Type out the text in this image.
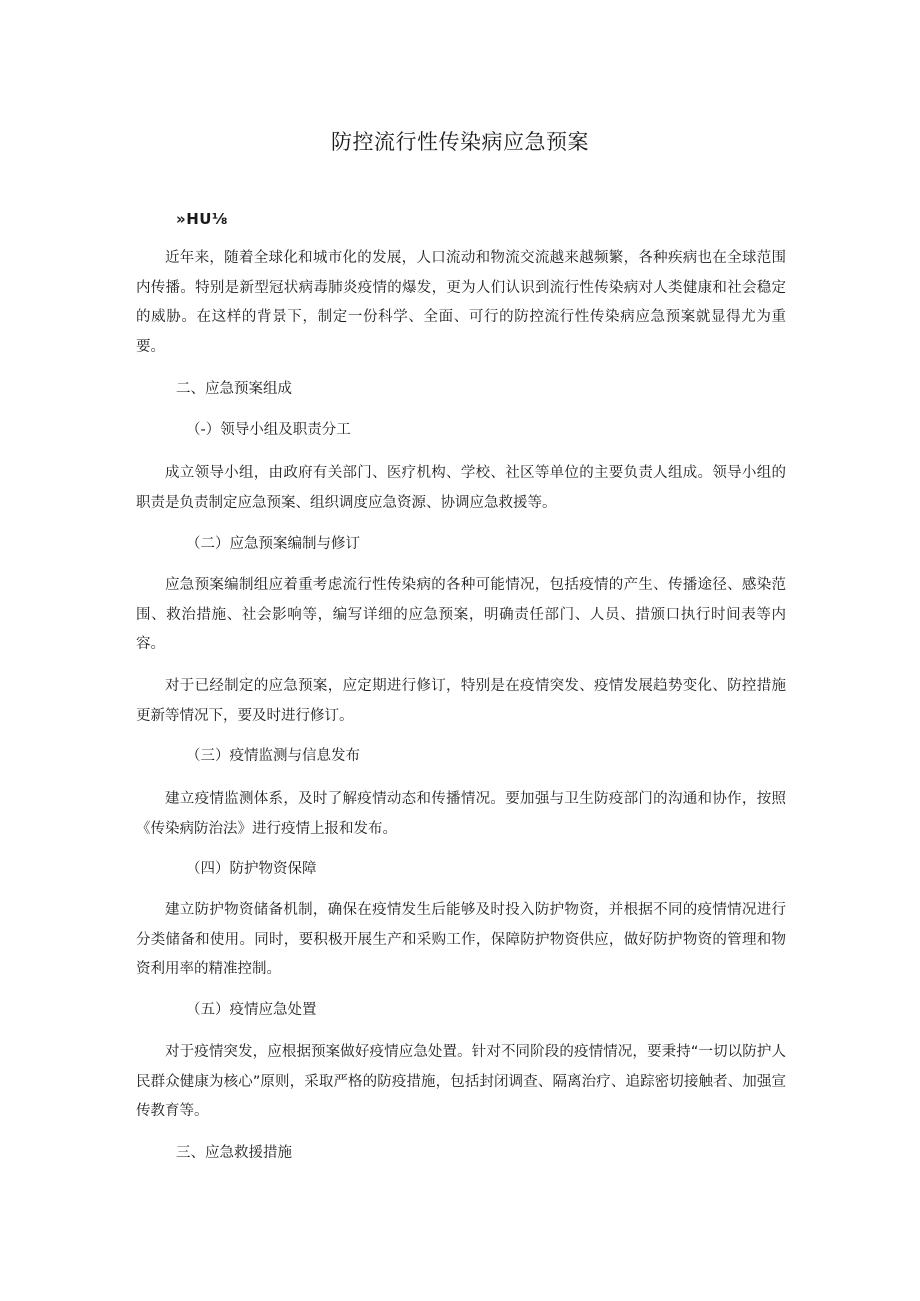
防控流行性传染病应急预案
»HU⅛

近年来，随着全球化和城市化的发展，人口流动和物流交流越来越频繁，各种疾病也在全球范围内传播。特别是新型冠状病毒肺炎疫情的爆发，更为人们认识到流行性传染病对人类健康和社会稳定的威胁。在这样的背景下，制定一份科学、全面、可行的防控流行性传染病应急预案就显得尤为重要。

二、应急预案组成
（-）领导小组及职责分工

成立领导小组，由政府有关部门、医疗机构、学校、社区等单位的主要负责人组成。领导小组的职责是负责制定应急预案、组织调度应急资源、协调应急救援等。

（二）应急预案编制与修订

应急预案编制组应着重考虑流行性传染病的各种可能情况，包括疫情的产生、传播途径、感染范围、救治措施、社会影响等，编写详细的应急预案，明确责任部门、人员、措颁口执行时间表等内容。

对于已经制定的应急预案，应定期进行修订，特别是在疫情突发、疫情发展趋势变化、防控措施更新等情况下，要及时进行修订。

（三）疫情监测与信息发布

建立疫情监测体系，及时了解疫情动态和传播情况。要加强与卫生防疫部门的沟通和协作，按照《传染病防治法》进行疫情上报和发布。

（四）防护物资保障

建立防护物资储备机制，确保在疫情发生后能够及时投入防护物资，并根据不同的疫情情况进行分类储备和使用。同时，要积极开展生产和采购工作，保障防护物资供应，做好防护物资的管理和物资利用率的精准控制。

（五）疫情应急处置

对于疫情突发，应根据预案做好疫情应急处置。针对不同阶段的疫情情况，要秉持“一切以防护人民群众健康为核心”原则，采取严格的防疫措施，包括封闭调查、隔离治疗、追踪密切接触者、加强宣传教育等。

三、应急救援措施
